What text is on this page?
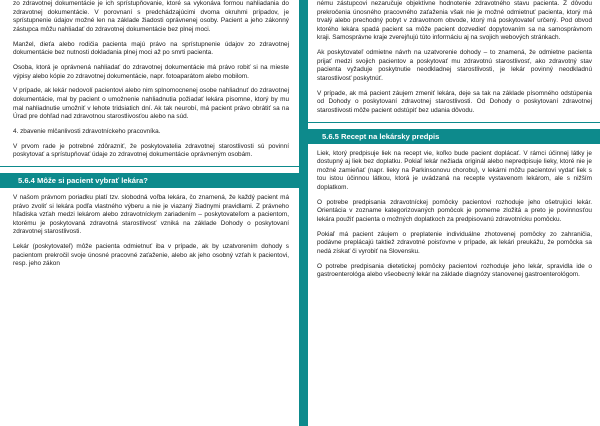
zo zdravotnej dokumentácie je ich sprístupňovanie, ktoré sa vykonáva formou nahliadania do zdravotnej dokumentácie. V porovnaní s predchádzajúcimi dvoma okruhmi prípadov, je sprístupnenie údajov možné len na základe žiadosti oprávnenej osoby. Pacient a jeho zákonný zástupca môžu nahliadať do zdravotnej dokumentácie bez plnej moci.

Manžel, dieťa alebo rodičia pacienta majú právo na sprístupnenie údajov zo zdravotnej dokumentácie bez nutnosti dokladania plnej moci až po smrti pacienta.

Osoba, ktorá je oprávnená nahliadať do zdravotnej dokumentácie má právo robiť si na mieste výpisy alebo kópie zo zdravotnej dokumentácie, napr. fotoaparátom alebo mobilom.

V prípade, ak lekár nedovolí pacientovi alebo nim splnomocnenej osobe nahliadnuť do zdravotnej dokumentácie, mal by pacient o umožnenie nahliadnutia požiadať lekára písomne, ktorý by mu mal nahliadnutie umožniť v lehote tridsiatich dní. Ak tak neurobí, má pacient právo obrátiť sa na Úrad pre dohľad nad zdravotnou starostlivosťou alebo na súd.

4. zbavenie mlčanlivosti zdravotníckeho pracovníka.

V prvom rade je potrebné zdôrazniť, že poskytovatelia zdravotnej starostlivosti sú povinní poskytovať a sprístupňovať údaje zo zdravotnej dokumentácie oprávneným osobám.

5.6.4 Môže si pacient vybrať lekára?

V našom právnom poriadku platí tzv. slobodná voľba lekára, čo znamená, že každý pacient má právo zvoliť si lekára podľa vlastného výberu a nie je viazaný žiadnymi pravidlami. Z právneho hľadiska vzťah medzi lekárom alebo zdravotníckym zariadením – poskytovateľom a pacientom, ktorému je poskytovaná zdravotná starostlivosť vzniká na základe Dohody o poskytovaní zdravotnej starostlivosti.

Lekár (poskytovateľ) môže pacienta odmietnuť iba v prípade, ak by uzatvorením dohody s pacientom prekročil svoje únosné pracovné zaťaženie, alebo ak jeho osobný vzťah k pacientovi, resp. jeho zákon

nému zástupcovi nezaručuje objektívne hodnotenie zdravotného stavu pacienta. Z dôvodu prekročenia únosného pracovného zaťaženia však nie je možné odmietnuť pacienta, ktorý má trvalý alebo prechodný pobyt v zdravotnom obvode, ktorý má poskytovateľ určený. Pod obvod ktorého lekára spadá pacient sa môže pacient dozvedieť dopytovaním sa na samosprávnom kraji. Samosprávne kraje zverejňujú túto informáciu aj na svojich webových stránkach.

Ak poskytovateľ odmietne návrh na uzatvorenie dohody – to znamená, že odmietne pacienta prijať medzi svojich pacientov a poskytovať mu zdravotnú starostlivosť, ako zdravotný stav pacienta vyžaduje poskytnutie neodkladnej starostlivosti, je lekár povinný neodkladnú starostlivosť poskytnúť.

V prípade, ak má pacient záujem zmeniť lekára, deje sa tak na základe písomného odstúpenia od Dohody o poskytovaní zdravotnej starostlivosti. Od Dohody o poskytovaní zdravotnej starostlivosti môže pacient odstúpiť bez udania dôvodu.

5.6.5 Recept na lekársky predpis

Liek, ktorý predpisuje liek na recept vie, koľko bude pacient doplácať. V rámci účinnej látky je dostupný aj liek bez doplatku. Pokiaľ lekár nežiada originál alebo nepredpisuje lieky, ktoré nie je možné zamieňať (napr. lieky na Parkinsonovu chorobu), v lekárni môžu pacientovi vydať liek s tou istou účinnou látkou, ktorá je uvádzaná na recepte vystavenom lekárom, ale s nižším doplatkom.

O potrebe predpisania zdravotníckej pomôcky pacientovi rozhoduje jeho ošetrujúci lekár. Orientácia v zozname kategorizovaných pomôcok je pomerne zložitá a preto je povinnosťou lekára použiť pacienta o možných doplatkoch za predpisovanú zdravotnícku pomôcku.

Pokiaľ má pacient záujem o preplatenie individuálne zhotovenej pomôcky zo zahraničia, podávne preplácajú taktiež zdravotné poisťovne v prípade, ak lekári preukážu, že pomôcka sa nedá získať či vyrobiť na Slovensku.

O potrebe predpisania dietetickej pomôcky pacientovi rozhoduje jeho lekár, spravidla ide o gastroenterológa alebo všeobecný lekár na základe diagnózy stanovenej gastroenterológom.
